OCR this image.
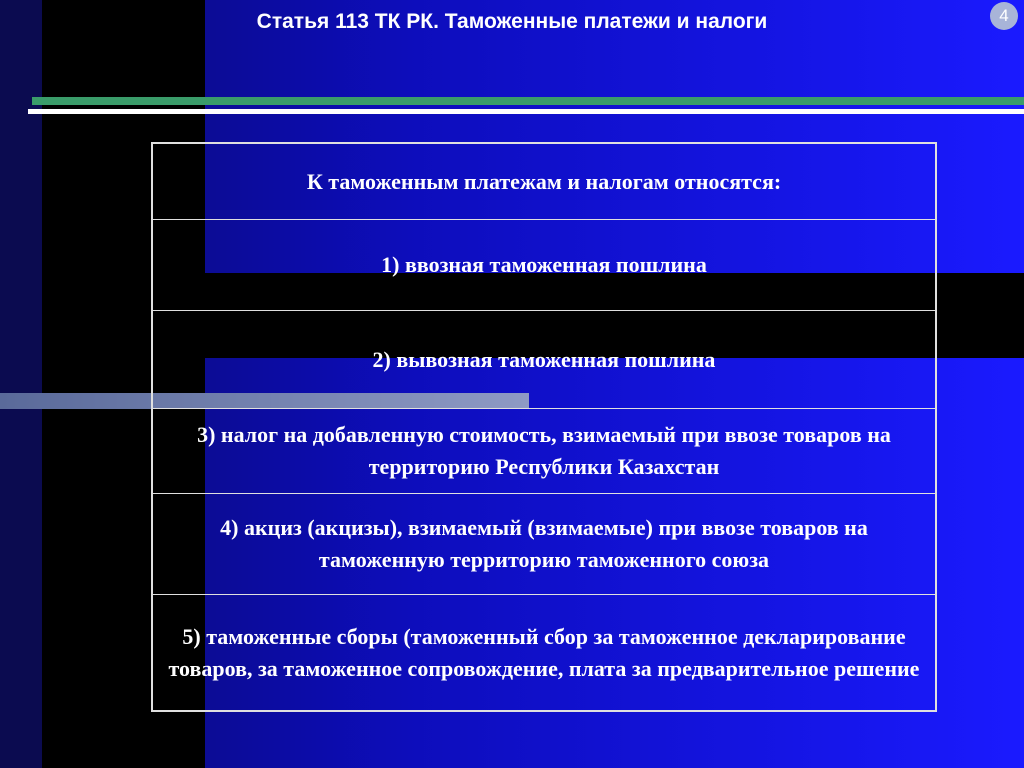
Статья 113 ТК РК. Таможенные платежи и налоги	4
К таможенным платежам и налогам относятся:
1) ввозная таможенная пошлина
2) вывозная таможенная пошлина
3) налог на добавленную стоимость, взимаемый при ввозе товаров на территорию Республики Казахстан
4) акциз (акцизы), взимаемый (взимаемые) при ввозе товаров на таможенную территорию таможенного союза
5) таможенные сборы (таможенный сбор за таможенное декларирование товаров, за таможенное сопровождение, плата за предварительное решение
